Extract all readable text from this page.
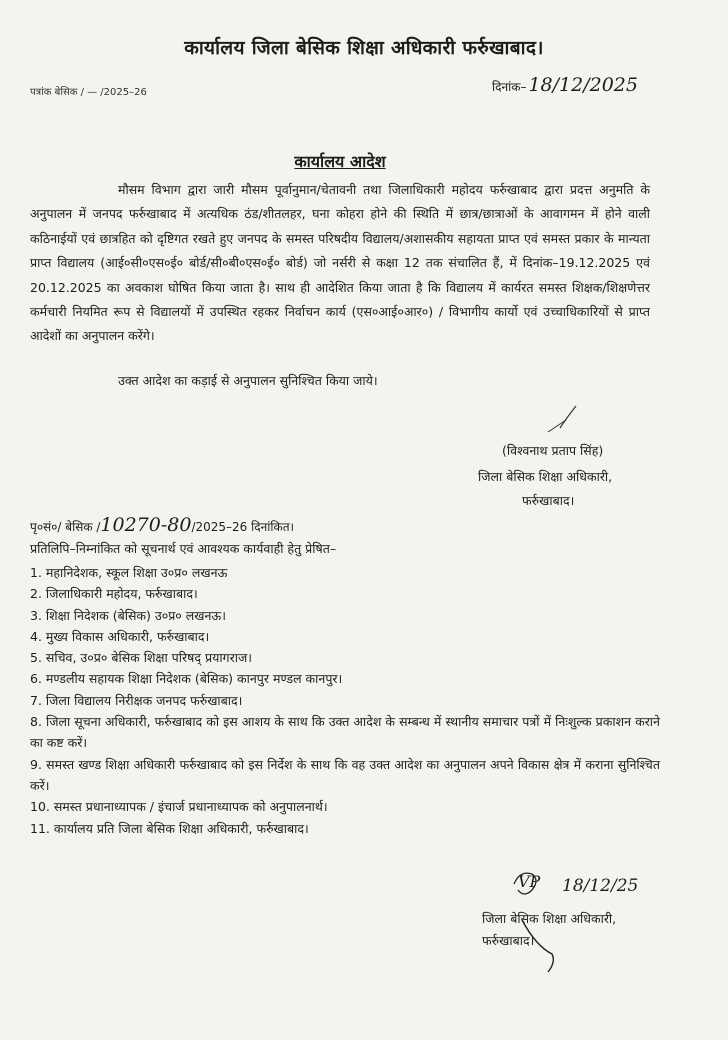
कार्यालय जिला बेसिक शिक्षा अधिकारी फर्रुखाबाद।
पत्रांक बेसिक / — /2025–26	दिनांक– 18/12/2025
कार्यालय आदेश
मौसम विभाग द्वारा जारी मौसम पूर्वानुमान/चेतावनी तथा जिलाधिकारी महोदय फर्रुखाबाद द्वारा प्रदत्त अनुमति के अनुपालन में जनपद फर्रुखाबाद में अत्यधिक ठंड/शीतलहर, घना कोहरा होने की स्थिति में छात्र/छात्राओं के आवागमन में होने वाली कठिनाईयों एवं छात्रहित को दृष्टिगत रखते हुए जनपद के समस्त परिषदीय विद्यालय/अशासकीय सहायता प्राप्त एवं समस्त प्रकार के मान्यता प्राप्त विद्यालय (आई०सी०एस०ई० बोर्ड/सी०बी०एस०ई० बोर्ड) जो नर्सरी से कक्षा 12 तक संचालित हैं, में दिनांक–19.12.2025 एवं 20.12.2025 का अवकाश घोषित किया जाता है। साथ ही आदेशित किया जाता है कि विद्यालय में कार्यरत समस्त शिक्षक/शिक्षणेत्तर कर्मचारी नियमित रूप से विद्यालयों में उपस्थित रहकर निर्वाचन कार्य (एस०आई०आर०) / विभागीय कार्यो एवं उच्चाधिकारियों से प्राप्त आदेशों का अनुपालन करेंगे।
उक्त आदेश का कड़ाई से अनुपालन सुनिश्चित किया जाये।
(विश्वनाथ प्रताप सिंह)
जिला बेसिक शिक्षा अधिकारी,
फर्रुखाबाद।
पृ०सं०/ बेसिक /10270-80/2025–26 दिनांकित।
प्रतिलिपि–निम्नांकित को सूचनार्थ एवं आवश्यक कार्यवाही हेतु प्रेषित–
1. महानिदेशक, स्कूल शिक्षा उ०प्र० लखनऊ
2. जिलाधिकारी महोदय, फर्रुखाबाद।
3. शिक्षा निदेशक (बेसिक) उ०प्र० लखनऊ।
4. मुख्य विकास अधिकारी, फर्रुखाबाद।
5. सचिव, उ०प्र० बेसिक शिक्षा परिषद् प्रयागराज।
6. मण्डलीय सहायक शिक्षा निदेशक (बेसिक) कानपुर मण्डल कानपुर।
7. जिला विद्यालय निरीक्षक जनपद फर्रुखाबाद।
8. जिला सूचना अधिकारी, फर्रुखाबाद को इस आशय के साथ कि उक्त आदेश के सम्बन्ध में स्थानीय समाचार पत्रों में निःशुल्क प्रकाशन कराने का कष्ट करें।
9. समस्त खण्ड शिक्षा अधिकारी फर्रुखाबाद को इस निर्देश के साथ कि वह उक्त आदेश का अनुपालन अपने विकास क्षेत्र में कराना सुनिश्चित करें।
10. समस्त प्रधानाध्यापक / इंचार्ज प्रधानाध्यापक को अनुपालनार्थ।
11. कार्यालय प्रति जिला बेसिक शिक्षा अधिकारी, फर्रुखाबाद।
VP 18/12/25
जिला बेसिक शिक्षा अधिकारी,
फर्रुखाबाद।
